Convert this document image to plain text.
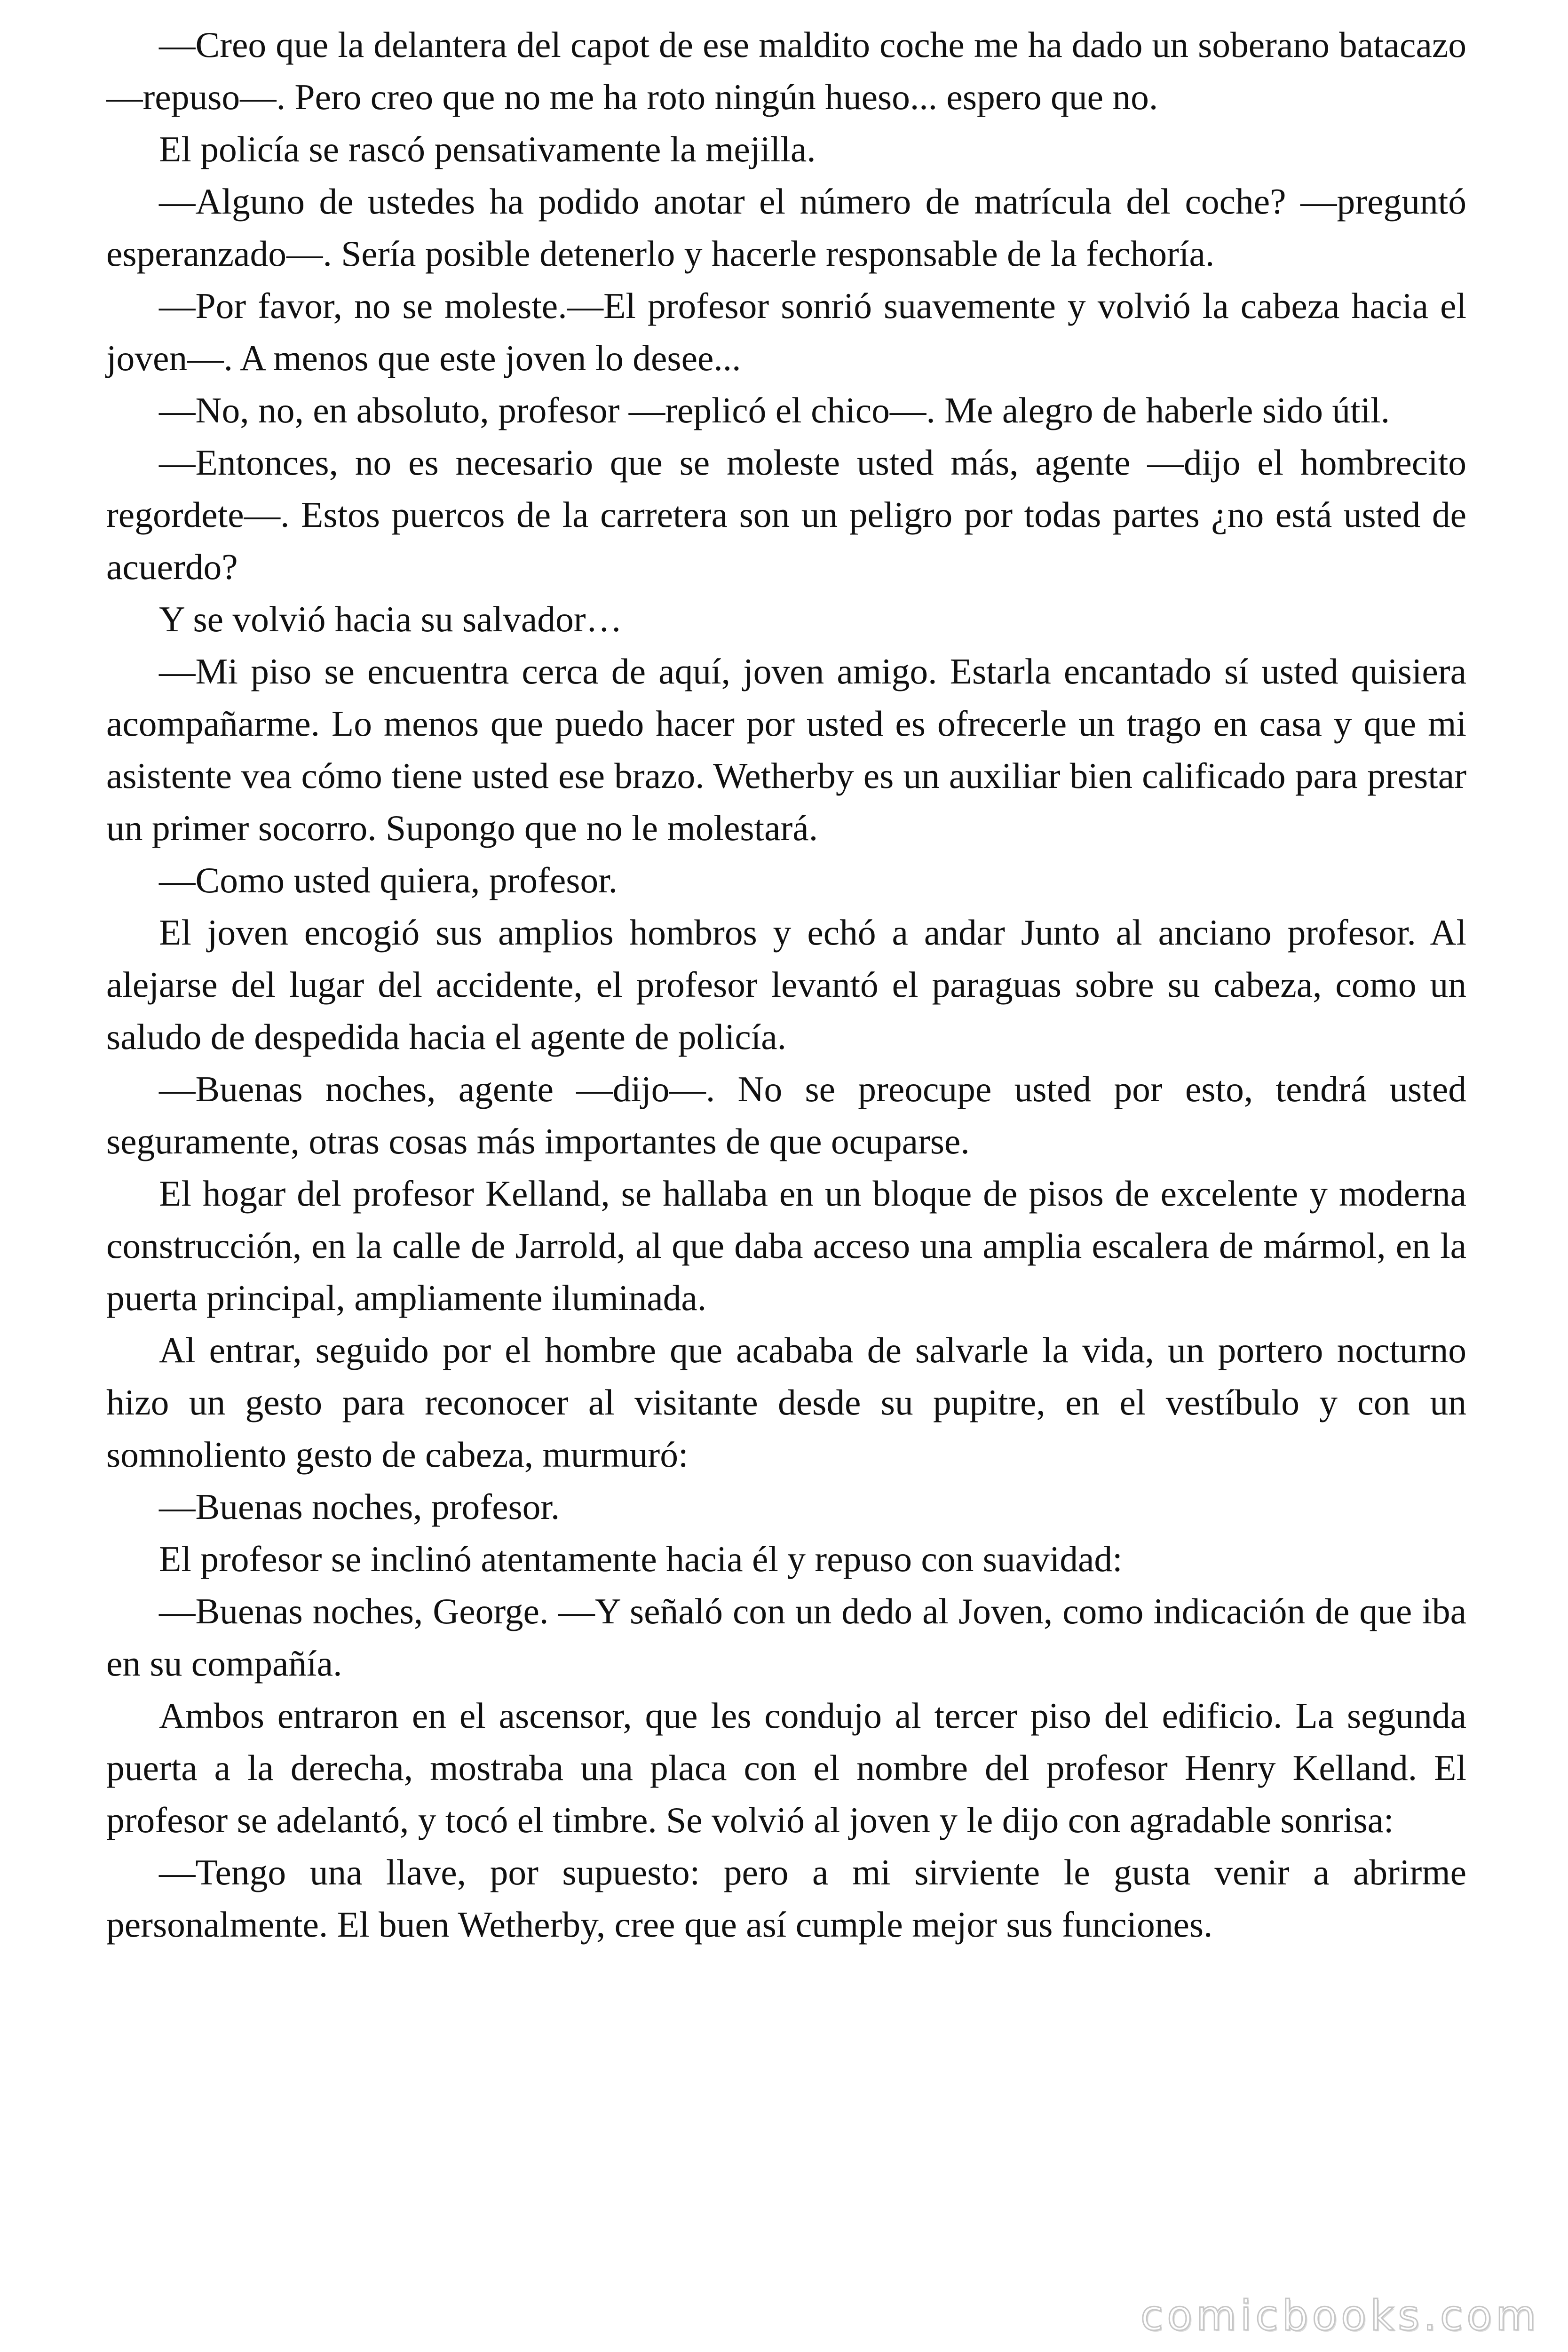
—Creo que la delantera del capot de ese maldito coche me ha dado un soberano batacazo —repuso—. Pero creo que no me ha roto ningún hueso... espero que no.

El policía se rascó pensativamente la mejilla.

—Alguno de ustedes ha podido anotar el número de matrícula del coche? —preguntó esperanzado—. Sería posible detenerlo y hacerle responsable de la fechoría.

—Por favor, no se moleste.—El profesor sonrió suavemente y volvió la cabeza hacia el joven—. A menos que este joven lo desee...

—No, no, en absoluto, profesor —replicó el chico—. Me alegro de haberle sido útil.

—Entonces, no es necesario que se moleste usted más, agente —dijo el hombrecito regordete—. Estos puercos de la carretera son un peligro por todas partes ¿no está usted de acuerdo?

Y se volvió hacia su salvador…

—Mi piso se encuentra cerca de aquí, joven amigo. Estarla encantado sí usted quisiera acompañarme. Lo menos que puedo hacer por usted es ofrecerle un trago en casa y que mi asistente vea cómo tiene usted ese brazo. Wetherby es un auxiliar bien calificado para prestar un primer socorro. Supongo que no le molestará.

—Como usted quiera, profesor.

El joven encogió sus amplios hombros y echó a andar Junto al anciano profesor. Al alejarse del lugar del accidente, el profesor levantó el paraguas sobre su cabeza, como un saludo de despedida hacia el agente de policía.

—Buenas noches, agente —dijo—. No se preocupe usted por esto, tendrá usted seguramente, otras cosas más importantes de que ocuparse.

El hogar del profesor Kelland, se hallaba en un bloque de pisos de excelente y moderna construcción, en la calle de Jarrold, al que daba acceso una amplia escalera de mármol, en la puerta principal, ampliamente iluminada.

Al entrar, seguido por el hombre que acababa de salvarle la vida, un portero nocturno hizo un gesto para reconocer al visitante desde su pupitre, en el vestíbulo y con un somnoliento gesto de cabeza, murmuró:

—Buenas noches, profesor.

El profesor se inclinó atentamente hacia él y repuso con suavidad:

—Buenas noches, George. —Y señaló con un dedo al Joven, como indicación de que iba en su compañía.

Ambos entraron en el ascensor, que les condujo al tercer piso del edificio. La segunda puerta a la derecha, mostraba una placa con el nombre del profesor Henry Kelland. El profesor se adelantó, y tocó el timbre. Se volvió al joven y le dijo con agradable sonrisa:

—Tengo una llave, por supuesto: pero a mi sirviente le gusta venir a abrirme personalmente. El buen Wetherby, cree que así cumple mejor sus funciones.

comicbooks.com
